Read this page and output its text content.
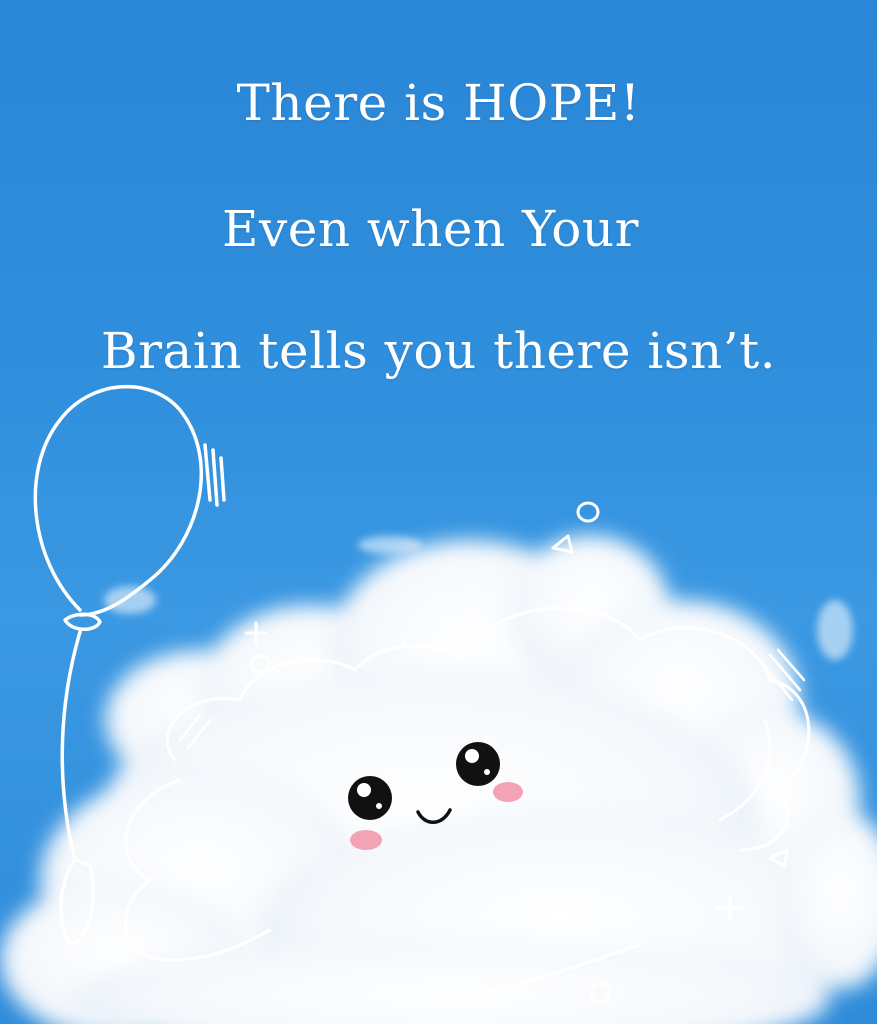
There is HOPE!
Even when Your
Brain tells you there isn’t.
